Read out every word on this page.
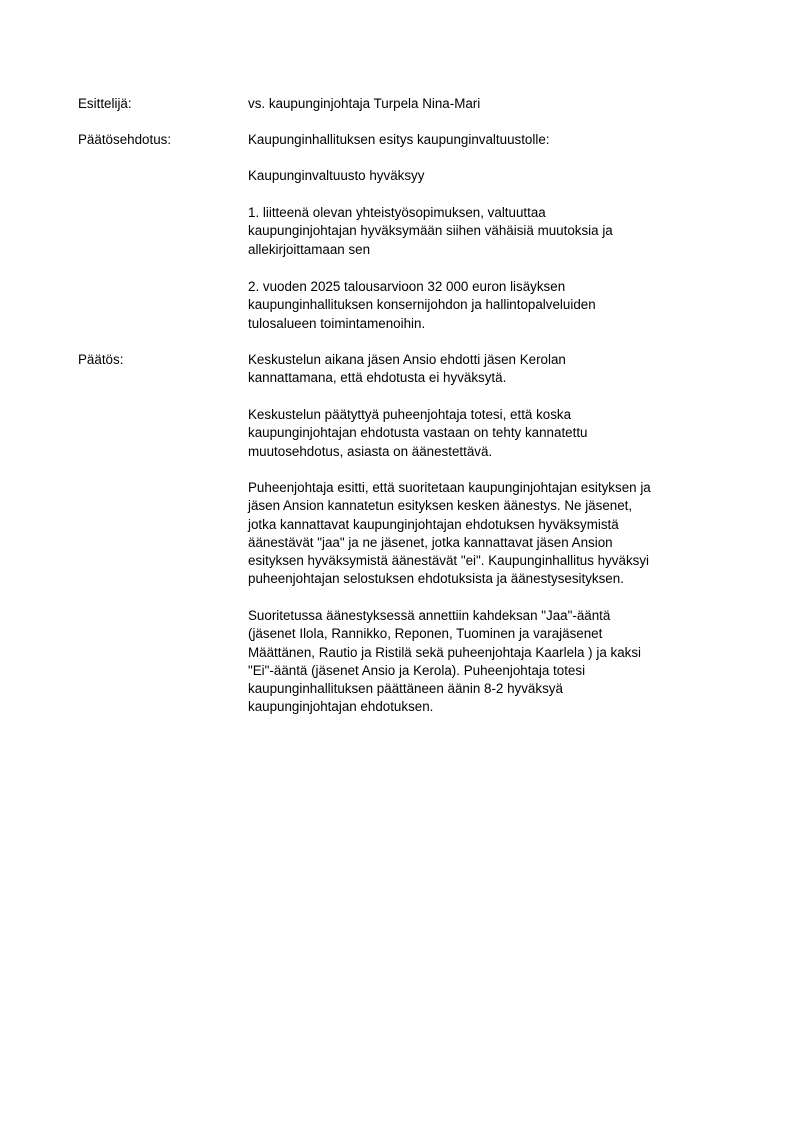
Esittelijä:	vs. kaupunginjohtaja Turpela Nina-Mari
Päätösehdotus:	Kaupunginhallituksen esitys kaupunginvaltuustolle:
Kaupunginvaltuusto hyväksyy
1. liitteenä olevan yhteistyösopimuksen, valtuuttaa
kaupunginjohtajan hyväksymään siihen vähäisiä muutoksia ja
allekirjoittamaan sen
2. vuoden 2025 talousarvioon 32 000 euron lisäyksen
kaupunginhallituksen konsernijohdon ja hallintopalveluiden
tulosalueen toimintamenoihin.
Päätös:	Keskustelun aikana jäsen Ansio ehdotti jäsen Kerolan
kannattamana, että ehdotusta ei hyväksytä.
Keskustelun päätyttyä puheenjohtaja totesi, että koska
kaupunginjohtajan ehdotusta vastaan on tehty kannatettu
muutosehdotus, asiasta on äänestettävä.
Puheenjohtaja esitti, että suoritetaan kaupunginjohtajan esityksen ja
jäsen Ansion kannatetun esityksen kesken äänestys. Ne jäsenet,
jotka kannattavat kaupunginjohtajan ehdotuksen hyväksymistä
äänestävät "jaa" ja ne jäsenet, jotka kannattavat jäsen Ansion
esityksen hyväksymistä äänestävät "ei". Kaupunginhallitus hyväksyi
puheenjohtajan selostuksen ehdotuksista ja äänestysesityksen.
Suoritetussa äänestyksessä annettiin kahdeksan "Jaa"-ääntä
(jäsenet Ilola, Rannikko, Reponen, Tuominen ja varajäsenet
Määttänen, Rautio ja Ristilä sekä puheenjohtaja Kaarlela ) ja kaksi
"Ei"-ääntä (jäsenet Ansio ja Kerola). Puheenjohtaja totesi
kaupunginhallituksen päättäneen äänin 8-2 hyväksyä
kaupunginjohtajan ehdotuksen.
